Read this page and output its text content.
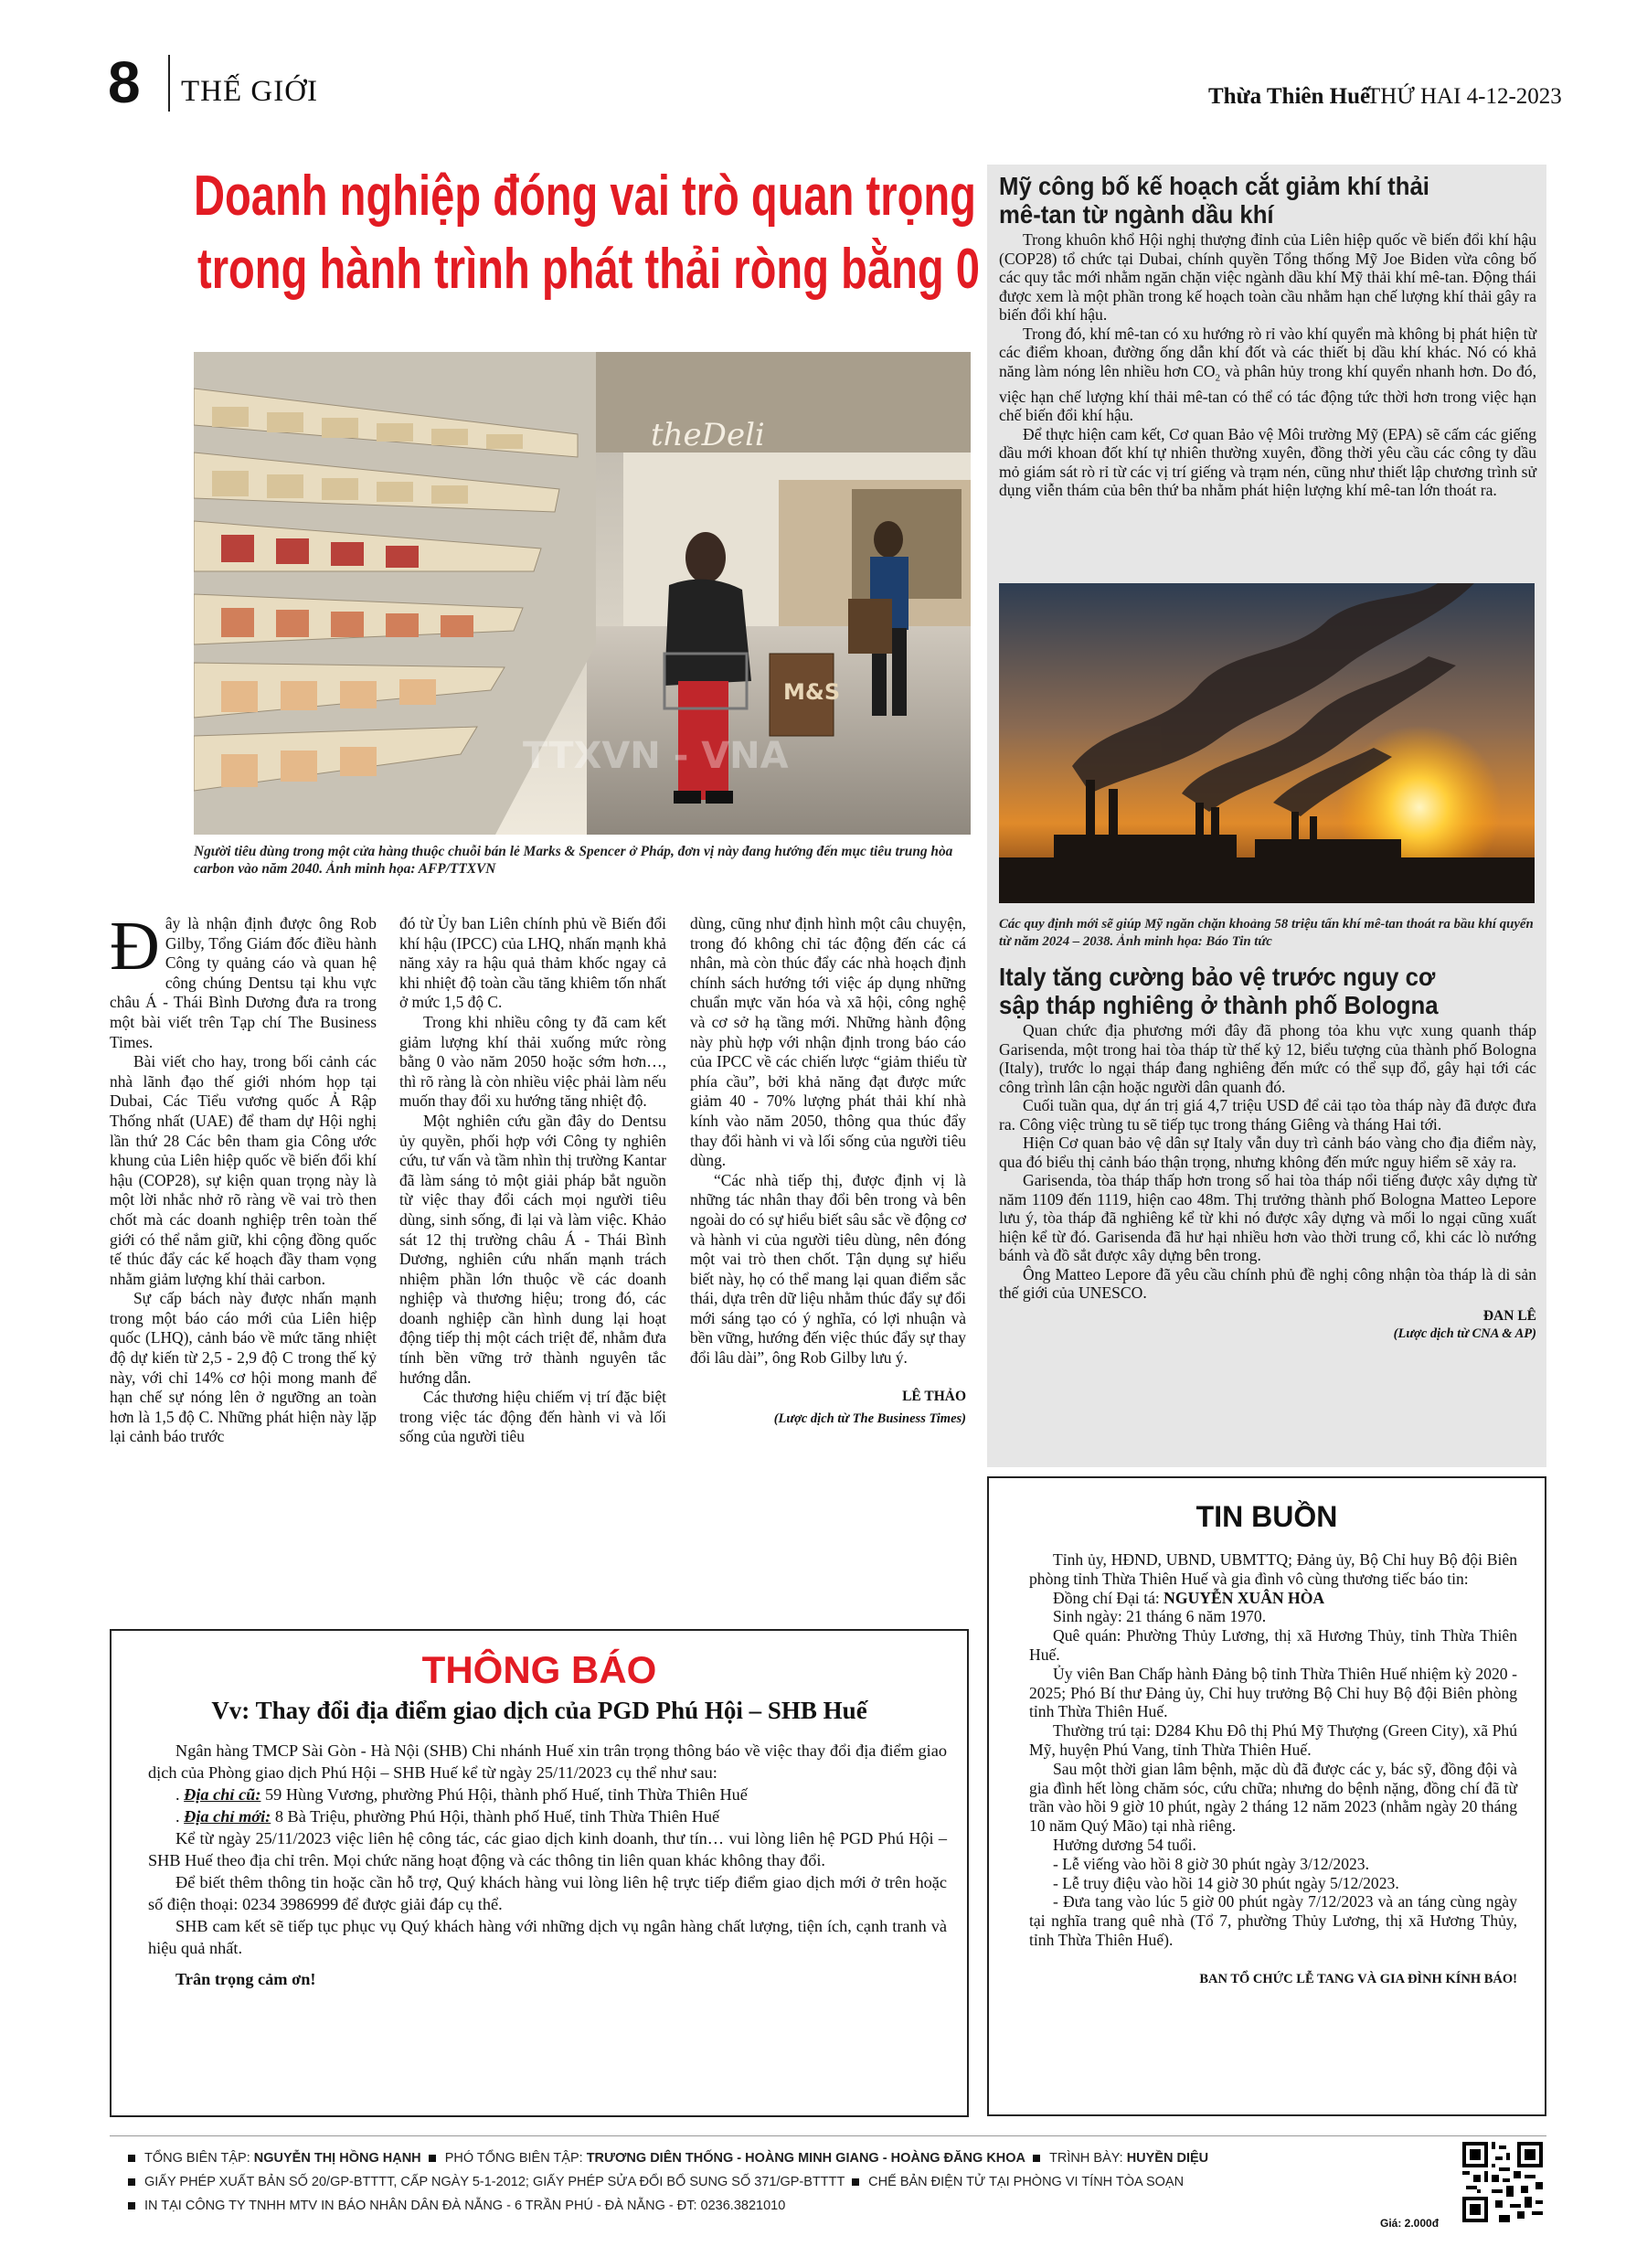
8 THẾ GIỚI	Thừa Thiên Huế
THỨ HAI 4-12-2023
Doanh nghiệp đóng vai trò quan trọng
trong hành trình phát thải ròng bằng 0
theDeli
M&S
TTXVN - VNA
Người tiêu dùng trong một cửa hàng thuộc chuỗi bán lẻ Marks & Spencer ở Pháp, đơn vị này đang hướng đến mục tiêu trung hòa carbon vào năm 2040. Ảnh minh họa: AFP/TTXVN

Đây là nhận định được ông Rob Gilby, Tổng Giám đốc điều hành Công ty quảng cáo và quan hệ công chúng Dentsu tại khu vực châu Á - Thái Bình Dương đưa ra trong một bài viết trên Tạp chí The Business Times.

Bài viết cho hay, trong bối cảnh các nhà lãnh đạo thế giới nhóm họp tại Dubai, Các Tiểu vương quốc Ả Rập Thống nhất (UAE) để tham dự Hội nghị lần thứ 28 Các bên tham gia Công ước khung của Liên hiệp quốc về biến đổi khí hậu (COP28), sự kiện quan trọng này là một lời nhắc nhở rõ ràng về vai trò then chốt mà các doanh nghiệp trên toàn thế giới có thể nắm giữ, khi cộng đồng quốc tế thúc đẩy các kế hoạch đầy tham vọng nhằm giảm lượng khí thải carbon.

Sự cấp bách này được nhấn mạnh trong một báo cáo mới của Liên hiệp quốc (LHQ), cảnh báo về mức tăng nhiệt độ dự kiến từ 2,5 - 2,9 độ C trong thế kỷ này, với chỉ 14% cơ hội mong manh để hạn chế sự nóng lên ở ngưỡng an toàn hơn là 1,5 độ C. Những phát hiện này lặp lại cảnh báo trước

đó từ Ủy ban Liên chính phủ về Biến đổi khí hậu (IPCC) của LHQ, nhấn mạnh khả năng xảy ra hậu quả thảm khốc ngay cả khi nhiệt độ toàn cầu tăng khiêm tốn nhất ở mức 1,5 độ C.

Trong khi nhiều công ty đã cam kết giảm lượng khí thải xuống mức ròng bằng 0 vào năm 2050 hoặc sớm hơn…, thì rõ ràng là còn nhiều việc phải làm nếu muốn thay đổi xu hướng tăng nhiệt độ.

Một nghiên cứu gần đây do Dentsu ủy quyền, phối hợp với Công ty nghiên cứu, tư vấn và tầm nhìn thị trường Kantar đã làm sáng tỏ một giải pháp bắt nguồn từ việc thay đổi cách mọi người tiêu dùng, sinh sống, đi lại và làm việc. Khảo sát 12 thị trường châu Á - Thái Bình Dương, nghiên cứu nhấn mạnh trách nhiệm phần lớn thuộc về các doanh nghiệp và thương hiệu; trong đó, các doanh nghiệp cần hình dung lại hoạt động tiếp thị một cách triệt để, nhằm đưa tính bền vững trở thành nguyên tắc hướng dẫn.

Các thương hiệu chiếm vị trí đặc biệt trong việc tác động đến hành vi và lối sống của người tiêu

dùng, cũng như định hình một câu chuyện, trong đó không chỉ tác động đến các cá nhân, mà còn thúc đẩy các nhà hoạch định chính sách hướng tới việc áp dụng những chuẩn mực văn hóa và xã hội, công nghệ và cơ sở hạ tầng mới. Những hành động này phù hợp với nhận định trong báo cáo của IPCC về các chiến lược “giảm thiểu từ phía cầu”, bởi khả năng đạt được mức giảm 40 - 70% lượng phát thải khí nhà kính vào năm 2050, thông qua thúc đẩy thay đổi hành vi và lối sống của người tiêu dùng.

“Các nhà tiếp thị, được định vị là những tác nhân thay đổi bên trong và bên ngoài do có sự hiểu biết sâu sắc về động cơ và hành vi của người tiêu dùng, nên đóng một vai trò then chốt. Tận dụng sự hiểu biết này, họ có thể mang lại quan điểm sắc thái, dựa trên dữ liệu nhằm thúc đẩy sự đổi mới sáng tạo có ý nghĩa, có lợi nhuận và bền vững, hướng đến việc thúc đẩy sự thay đổi lâu dài”, ông Rob Gilby lưu ý.

LÊ THẢO
(Lược dịch từ The Business Times)
Mỹ công bố kế hoạch cắt giảm khí thải
mê-tan từ ngành dầu khí

Trong khuôn khổ Hội nghị thượng đỉnh của Liên hiệp quốc về biến đổi khí hậu (COP28) tổ chức tại Dubai, chính quyền Tổng thống Mỹ Joe Biden vừa công bố các quy tắc mới nhằm ngăn chặn việc ngành dầu khí Mỹ thải khí mê-tan. Động thái được xem là một phần trong kế hoạch toàn cầu nhằm hạn chế lượng khí thải gây ra biến đổi khí hậu.

Trong đó, khí mê-tan có xu hướng rò rỉ vào khí quyển mà không bị phát hiện từ các điểm khoan, đường ống dẫn khí đốt và các thiết bị dầu khí khác. Nó có khả năng làm nóng lên nhiều hơn $CO_2$ và phân hủy trong khí quyển nhanh hơn. Do đó, việc hạn chế lượng khí thải mê-tan có thể có tác động tức thời hơn trong việc hạn chế biến đổi khí hậu.

Để thực hiện cam kết, Cơ quan Bảo vệ Môi trường Mỹ (EPA) sẽ cấm các giếng dầu mới khoan đốt khí tự nhiên thường xuyên, đồng thời yêu cầu các công ty dầu mỏ giám sát rò rỉ từ các vị trí giếng và trạm nén, cũng như thiết lập chương trình sử dụng viễn thám của bên thứ ba nhằm phát hiện lượng khí mê-tan lớn thoát ra.

Các quy định mới sẽ giúp Mỹ ngăn chặn khoảng 58 triệu tấn khí mê-tan thoát ra bầu khí quyển từ năm 2024 – 2038. Ảnh minh họa: Báo Tin tức
Italy tăng cường bảo vệ trước nguy cơ
sập tháp nghiêng ở thành phố Bologna

Quan chức địa phương mới đây đã phong tỏa khu vực xung quanh tháp Garisenda, một trong hai tòa tháp từ thế kỷ 12, biểu tượng của thành phố Bologna (Italy), trước lo ngại tháp đang nghiêng đến mức có thể sụp đổ, gây hại tới các công trình lân cận hoặc người dân quanh đó.

Cuối tuần qua, dự án trị giá 4,7 triệu USD để cải tạo tòa tháp này đã được đưa ra. Công việc trùng tu sẽ tiếp tục trong tháng Giêng và tháng Hai tới.

Hiện Cơ quan bảo vệ dân sự Italy vẫn duy trì cảnh báo vàng cho địa điểm này, qua đó biểu thị cảnh báo thận trọng, nhưng không đến mức nguy hiểm sẽ xảy ra.

Garisenda, tòa tháp thấp hơn trong số hai tòa tháp nổi tiếng được xây dựng từ năm 1109 đến 1119, hiện cao 48m. Thị trưởng thành phố Bologna Matteo Lepore lưu ý, tòa tháp đã nghiêng kể từ khi nó được xây dựng và mối lo ngại cũng xuất hiện kể từ đó. Garisenda đã hư hại nhiều hơn vào thời trung cổ, khi các lò nướng bánh và đồ sắt được xây dựng bên trong.

Ông Matteo Lepore đã yêu cầu chính phủ đề nghị công nhận tòa tháp là di sản thế giới của UNESCO.

ĐAN LÊ
(Lược dịch từ CNA & AP)
TIN BUỒN

Tỉnh ủy, HĐND, UBND, UBMTTQ; Đảng ủy, Bộ Chỉ huy Bộ đội Biên phòng tỉnh Thừa Thiên Huế và gia đình vô cùng thương tiếc báo tin:

Đồng chí Đại tá: NGUYỄN XUÂN HÒA

Sinh ngày: 21 tháng 6 năm 1970.

Quê quán: Phường Thủy Lương, thị xã Hương Thủy, tỉnh Thừa Thiên Huế.

Ủy viên Ban Chấp hành Đảng bộ tỉnh Thừa Thiên Huế nhiệm kỳ 2020 - 2025; Phó Bí thư Đảng ủy, Chỉ huy trưởng Bộ Chỉ huy Bộ đội Biên phòng tỉnh Thừa Thiên Huế.

Thường trú tại: D284 Khu Đô thị Phú Mỹ Thượng (Green City), xã Phú Mỹ, huyện Phú Vang, tỉnh Thừa Thiên Huế.

Sau một thời gian lâm bệnh, mặc dù đã được các y, bác sỹ, đồng đội và gia đình hết lòng chăm sóc, cứu chữa; nhưng do bệnh nặng, đồng chí đã từ trần vào hồi 9 giờ 10 phút, ngày 2 tháng 12 năm 2023 (nhằm ngày 20 tháng 10 năm Quý Mão) tại nhà riêng.

Hưởng dương 54 tuổi.

- Lễ viếng vào hồi 8 giờ 30 phút ngày 3/12/2023.

- Lễ truy điệu vào hồi 14 giờ 30 phút ngày 5/12/2023.

- Đưa tang vào lúc 5 giờ 00 phút ngày 7/12/2023 và an táng cùng ngày tại nghĩa trang quê nhà (Tổ 7, phường Thủy Lương, thị xã Hương Thủy, tỉnh Thừa Thiên Huế).

BAN TỔ CHỨC LỄ TANG VÀ GIA ĐÌNH KÍNH BÁO!
THÔNG BÁO
Vv: Thay đổi địa điểm giao dịch của PGD Phú Hội – SHB Huế

Ngân hàng TMCP Sài Gòn - Hà Nội (SHB) Chi nhánh Huế xin trân trọng thông báo về việc thay đổi địa điểm giao dịch của Phòng giao dịch Phú Hội – SHB Huế kể từ ngày 25/11/2023 cụ thể như sau:

. Địa chỉ cũ: 59 Hùng Vương, phường Phú Hội, thành phố Huế, tỉnh Thừa Thiên Huế

. Địa chỉ mới: 8 Bà Triệu, phường Phú Hội, thành phố Huế, tỉnh Thừa Thiên Huế

Kể từ ngày 25/11/2023 việc liên hệ công tác, các giao dịch kinh doanh, thư tín… vui lòng liên hệ PGD Phú Hội – SHB Huế theo địa chỉ trên. Mọi chức năng hoạt động và các thông tin liên quan khác không thay đổi.

Để biết thêm thông tin hoặc cần hỗ trợ, Quý khách hàng vui lòng liên hệ trực tiếp điểm giao dịch mới ở trên hoặc số điện thoại: 0234 3986999 để được giải đáp cụ thể.

SHB cam kết sẽ tiếp tục phục vụ Quý khách hàng với những dịch vụ ngân hàng chất lượng, tiện ích, cạnh tranh và hiệu quả nhất.

Trân trọng cảm ơn!

TỔNG BIÊN TẬP: NGUYỄN THỊ HỒNG HẠNH PHÓ TỔNG BIÊN TẬP: TRƯƠNG DIÊN THỐNG - HOÀNG MINH GIANG - HOÀNG ĐĂNG KHOA TRÌNH BÀY: HUYỀN DIỆU
GIẤY PHÉP XUẤT BẢN SỐ 20/GP-BTTTT, CẤP NGÀY 5-1-2012; GIẤY PHÉP SỬA ĐỔI BỔ SUNG SỐ 371/GP-BTTTT CHẾ BẢN ĐIỆN TỬ TẠI PHÒNG VI TÍNH TÒA SOẠN
IN TẠI CÔNG TY TNHH MTV IN BÁO NHÂN DÂN ĐÀ NẴNG - 6 TRẦN PHÚ - ĐÀ NẴNG - ĐT: 0236.3821010
Giá: 2.000đ
